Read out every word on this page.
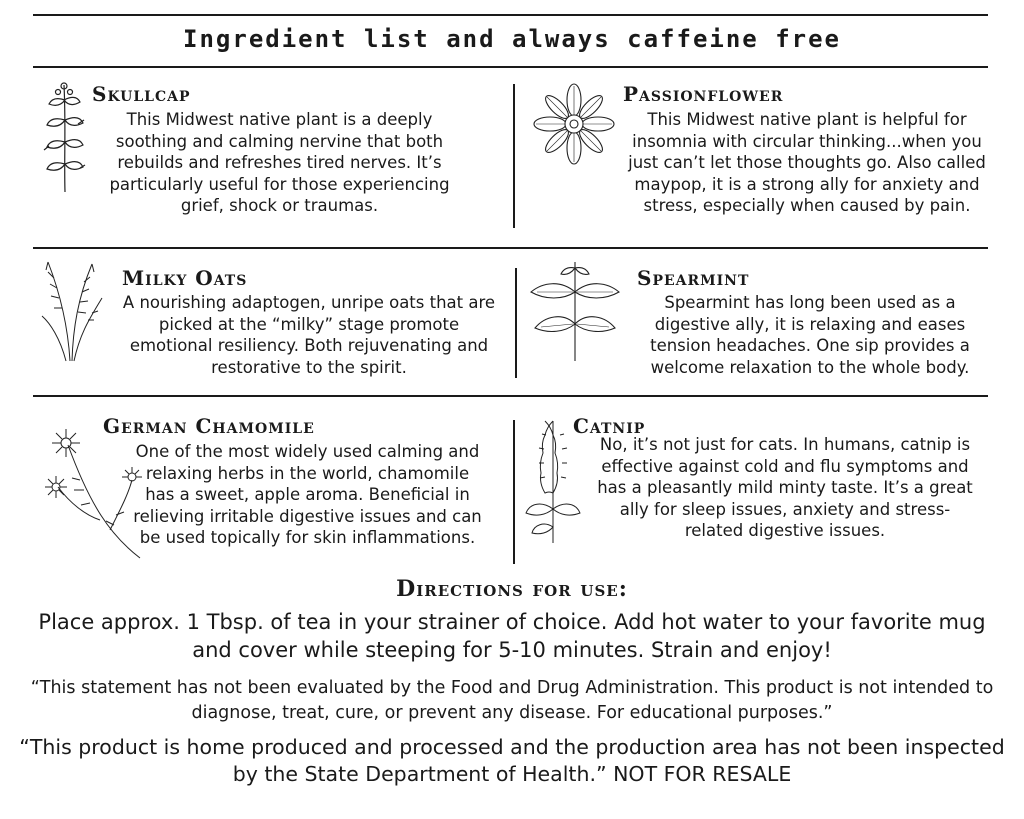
Ingredient list and always caffeine free
Skullcap
This Midwest native plant is a deeply soothing and calming nervine that both rebuilds and refreshes tired nerves. It’s particularly useful for those experiencing grief, shock or traumas.
Passionflower
This Midwest native plant is helpful for insomnia with circular thinking...when you just can’t let those thoughts go. Also called maypop, it is a strong ally for anxiety and stress, especially when caused by pain.
Milky Oats
A nourishing adaptogen, unripe oats that are picked at the “milky” stage promote emotional resiliency. Both rejuvenating and restorative to the spirit.
Spearmint
Spearmint has long been used as a digestive ally, it is relaxing and eases tension headaches. One sip provides a welcome relaxation to the whole body.
German Chamomile
One of the most widely used calming and relaxing herbs in the world, chamomile has a sweet, apple aroma. Beneficial in relieving irritable digestive issues and can be used topically for skin inflammations.
Catnip
No, it’s not just for cats. In humans, catnip is effective against cold and flu symptoms and has a pleasantly mild minty taste. It’s a great ally for sleep issues, anxiety and stress-related digestive issues.
Directions for use:
Place approx. 1 Tbsp. of tea in your strainer of choice. Add hot water to your favorite mug and cover while steeping for 5-10 minutes. Strain and enjoy!
“This statement has not been evaluated by the Food and Drug Administration. This product is not intended to diagnose, treat, cure, or prevent any disease. For educational purposes.”
“This product is home produced and processed and the production area has not been inspected by the State Department of Health.” NOT FOR RESALE
